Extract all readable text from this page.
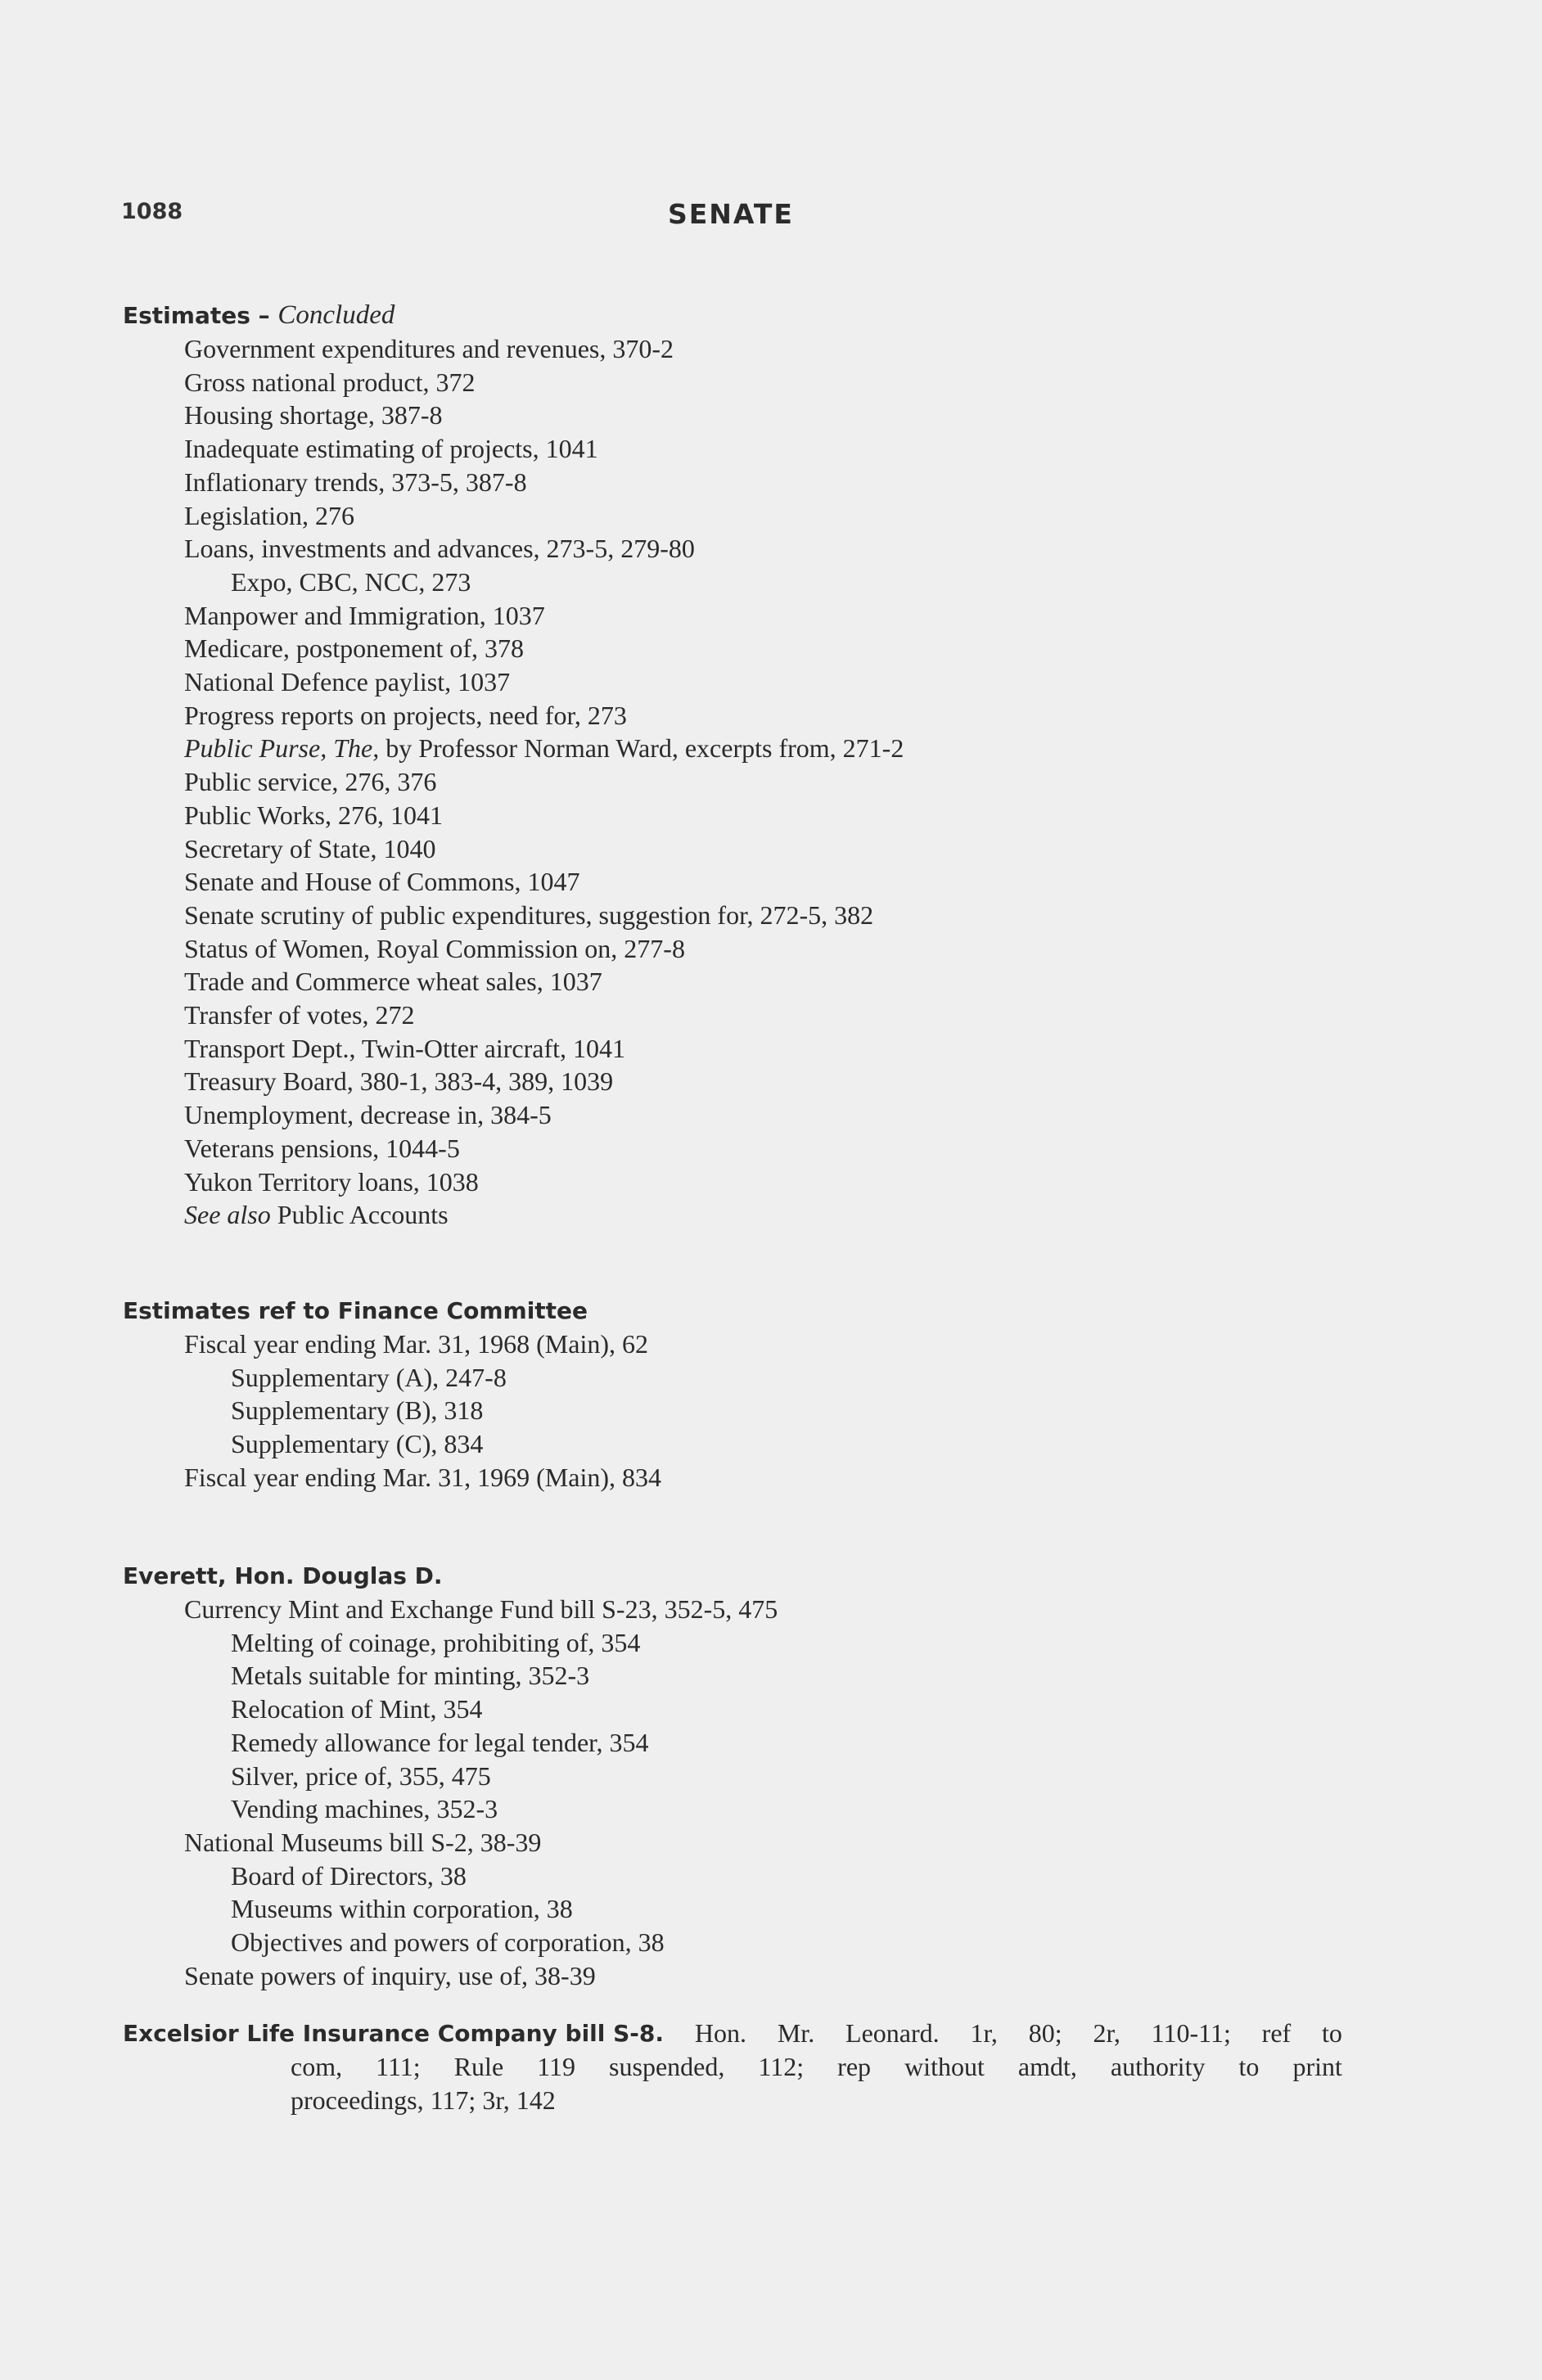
1088	SENATE
Estimates – Concluded
Government expenditures and revenues, 370-2
Gross national product, 372
Housing shortage, 387-8
Inadequate estimating of projects, 1041
Inflationary trends, 373-5, 387-8
Legislation, 276
Loans, investments and advances, 273-5, 279-80
Expo, CBC, NCC, 273
Manpower and Immigration, 1037
Medicare, postponement of, 378
National Defence paylist, 1037
Progress reports on projects, need for, 273
Public Purse, The, by Professor Norman Ward, excerpts from, 271-2
Public service, 276, 376
Public Works, 276, 1041
Secretary of State, 1040
Senate and House of Commons, 1047
Senate scrutiny of public expenditures, suggestion for, 272-5, 382
Status of Women, Royal Commission on, 277-8
Trade and Commerce wheat sales, 1037
Transfer of votes, 272
Transport Dept., Twin-Otter aircraft, 1041
Treasury Board, 380-1, 383-4, 389, 1039
Unemployment, decrease in, 384-5
Veterans pensions, 1044-5
Yukon Territory loans, 1038
See also Public Accounts
Estimates ref to Finance Committee
Fiscal year ending Mar. 31, 1968 (Main), 62
Supplementary (A), 247-8
Supplementary (B), 318
Supplementary (C), 834
Fiscal year ending Mar. 31, 1969 (Main), 834
Everett, Hon. Douglas D.
Currency Mint and Exchange Fund bill S-23, 352-5, 475
Melting of coinage, prohibiting of, 354
Metals suitable for minting, 352-3
Relocation of Mint, 354
Remedy allowance for legal tender, 354
Silver, price of, 355, 475
Vending machines, 352-3
National Museums bill S-2, 38-39
Board of Directors, 38
Museums within corporation, 38
Objectives and powers of corporation, 38
Senate powers of inquiry, use of, 38-39
Excelsior Life Insurance Company bill S-8. Hon. Mr. Leonard. 1r, 80; 2r, 110-11; ref to
com, 111; Rule 119 suspended, 112; rep without amdt, authority to print
proceedings, 117; 3r, 142
